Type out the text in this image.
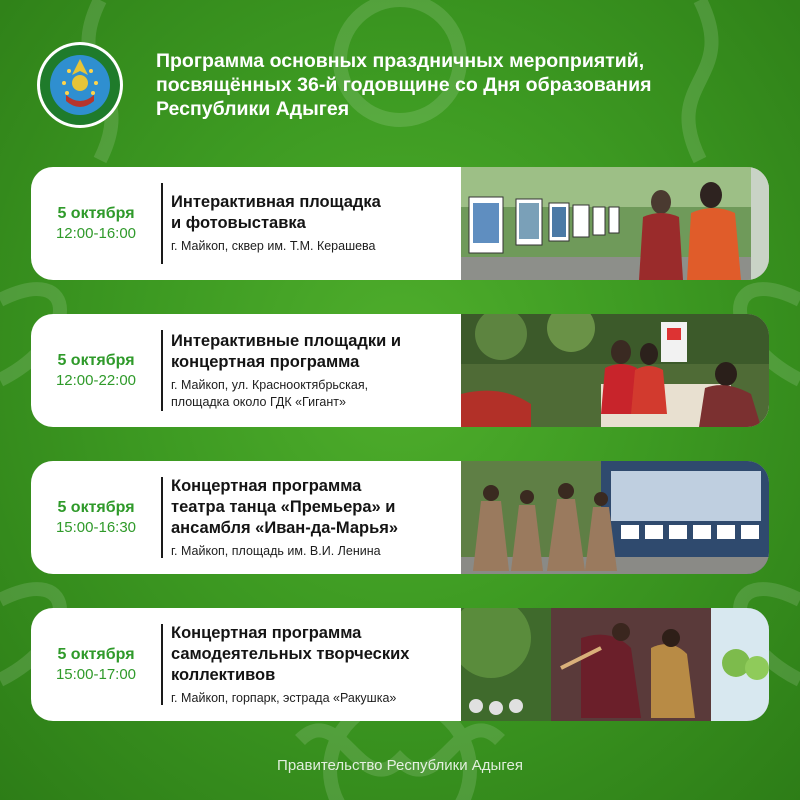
Программа основных праздничных мероприятий,
посвящённых 36-й годовщине со Дня образования
Республики Адыгея
5 октября
12:00-16:00
Интерактивная площадка
и фотовыставка
г. Майкоп, сквер им. Т.М. Керашева
5 октября
12:00-22:00
Интерактивные площадки и
концертная программа
г. Майкоп, ул. Краснооктябрьская,
площадка около ГДК «Гигант»
5 октября
15:00-16:30
Концертная программа
театра танца «Премьера» и
ансамбля «Иван-да-Марья»
г. Майкоп, площадь им. В.И. Ленина
5 октября
15:00-17:00
Концертная программа
самодеятельных творческих
коллективов
г. Майкоп, горпарк, эстрада «Ракушка»
Правительство Республики Адыгея
